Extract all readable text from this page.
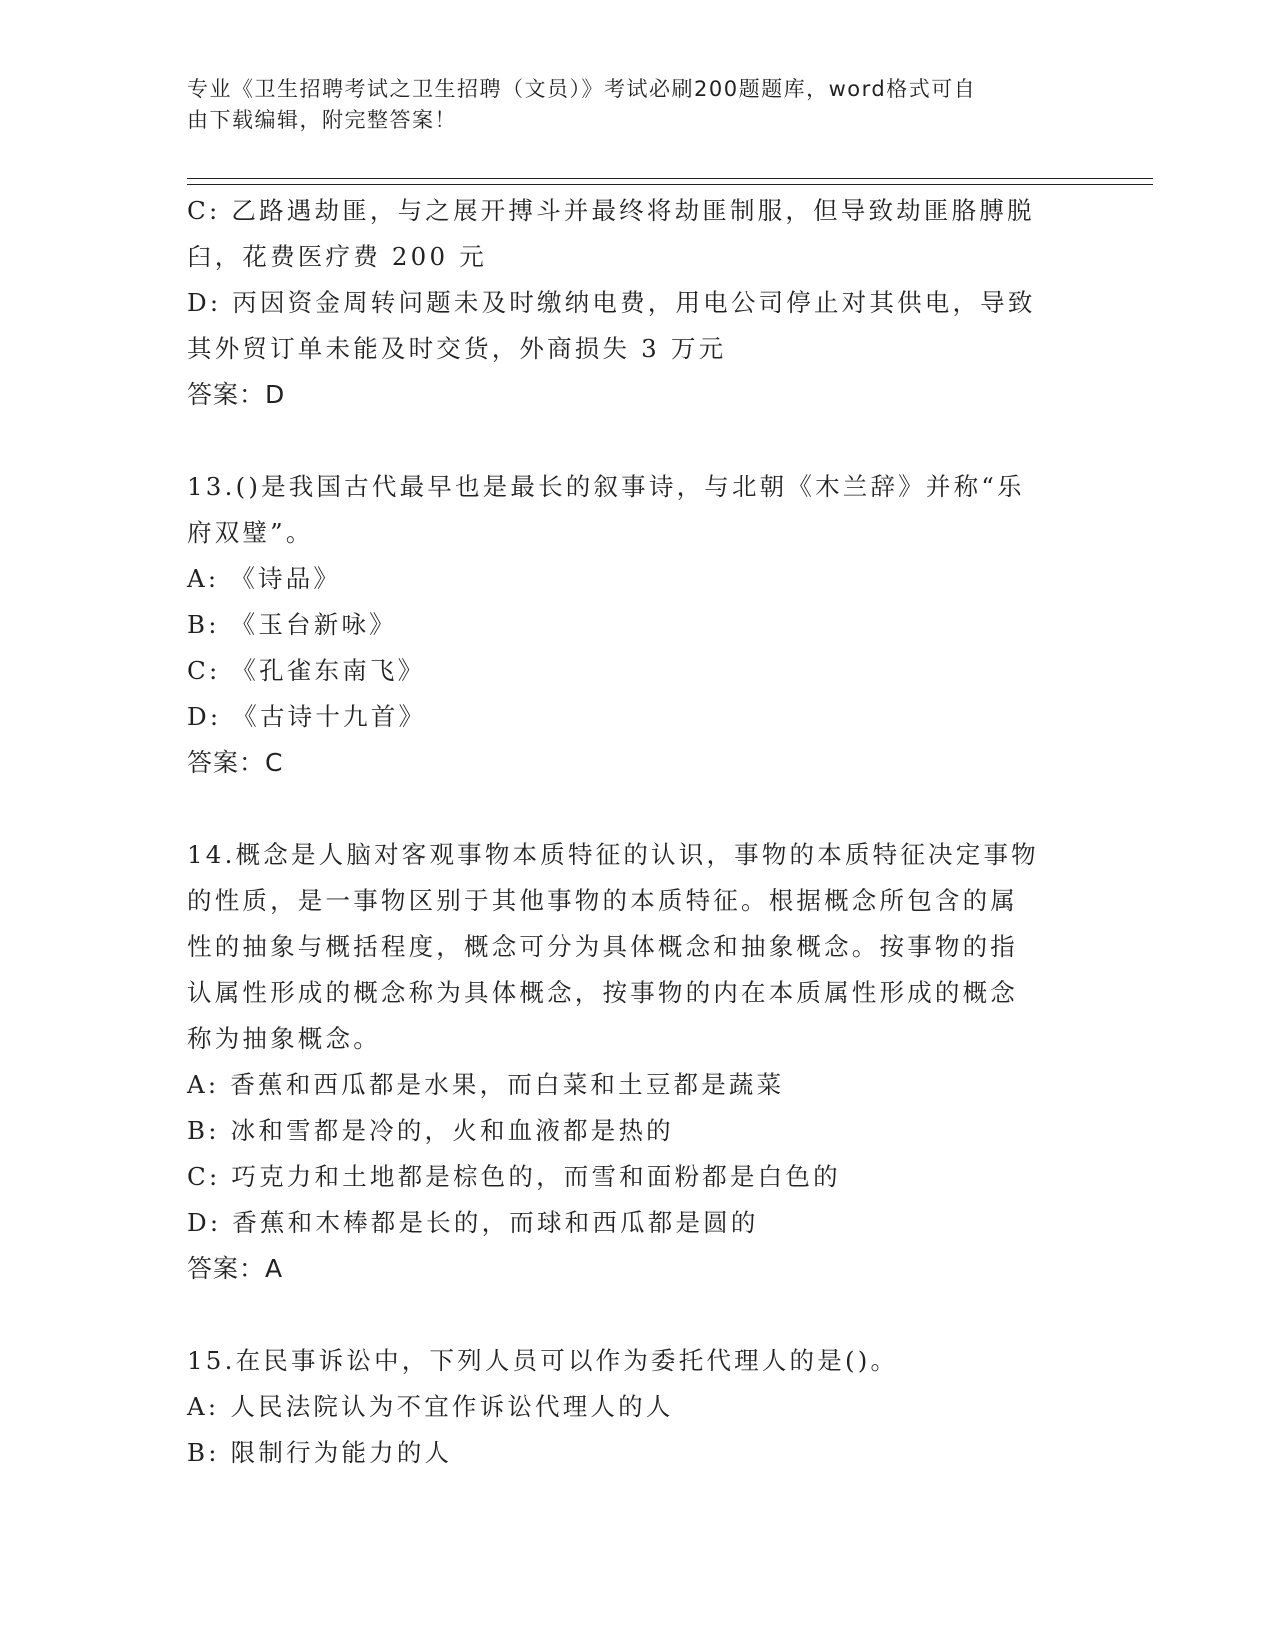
专业《卫生招聘考试之卫生招聘（文员）》考试必刷200题题库，word格式可自
由下载编辑，附完整答案！
C: 乙路遇劫匪，与之展开搏斗并最终将劫匪制服，但导致劫匪胳膊脱
臼，花费医疗费 200 元
D: 丙因资金周转问题未及时缴纳电费，用电公司停止对其供电，导致
其外贸订单未能及时交货，外商损失 3 万元
答案：D
13.()是我国古代最早也是最长的叙事诗，与北朝《木兰辞》并称“乐
府双璧”。
A: 《诗品》
B: 《玉台新咏》
C: 《孔雀东南飞》
D: 《古诗十九首》
答案：C
14.概念是人脑对客观事物本质特征的认识，事物的本质特征决定事物
的性质，是一事物区别于其他事物的本质特征。根据概念所包含的属
性的抽象与概括程度，概念可分为具体概念和抽象概念。按事物的指
认属性形成的概念称为具体概念，按事物的内在本质属性形成的概念
称为抽象概念。
A: 香蕉和西瓜都是水果，而白菜和土豆都是蔬菜
B: 冰和雪都是冷的，火和血液都是热的
C: 巧克力和土地都是棕色的，而雪和面粉都是白色的
D: 香蕉和木棒都是长的，而球和西瓜都是圆的
答案：A
15.在民事诉讼中，下列人员可以作为委托代理人的是()。
A: 人民法院认为不宜作诉讼代理人的人
B: 限制行为能力的人
